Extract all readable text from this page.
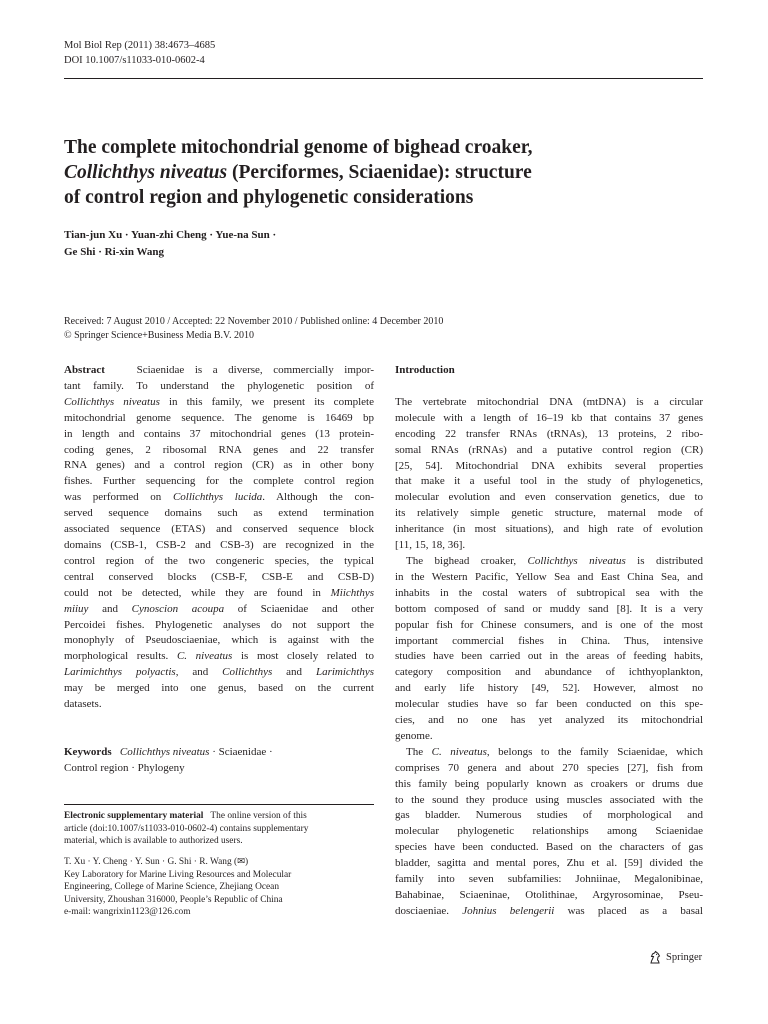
Mol Biol Rep (2011) 38:4673–4685
DOI 10.1007/s11033-010-0602-4
The complete mitochondrial genome of bighead croaker,
Collichthys niveatus (Perciformes, Sciaenidae): structure
of control region and phylogenetic considerations
Tian-jun Xu · Yuan-zhi Cheng · Yue-na Sun ·
Ge Shi · Ri-xin Wang
Received: 7 August 2010 / Accepted: 22 November 2010 / Published online: 4 December 2010
© Springer Science+Business Media B.V. 2010
Abstract	Sciaenidae is a diverse, commercially impor-
tant family. To understand the phylogenetic position of
Collichthys niveatus in this family, we present its complete
mitochondrial genome sequence. The genome is 16469 bp
in length and contains 37 mitochondrial genes (13 protein-
coding genes, 2 ribosomal RNA genes and 22 transfer
RNA genes) and a control region (CR) as in other bony
fishes. Further sequencing for the complete control region
was performed on Collichthys lucida. Although the con-
served sequence domains such as extend termination
associated sequence (ETAS) and conserved sequence block
domains (CSB-1, CSB-2 and CSB-3) are recognized in the
control region of the two congeneric species, the typical
central conserved blocks (CSB-F, CSB-E and CSB-D)
could not be detected, while they are found in Miichthys
miiuy and Cynoscion acoupa of Sciaenidae and other
Percoidei fishes. Phylogenetic analyses do not support the
monophyly of Pseudosciaeniae, which is against with the
morphological results. C. niveatus is most closely related to
Larimichthys polyactis, and Collichthys and Larimichthys
may be merged into one genus, based on the current
datasets.
Keywords Collichthys niveatus · Sciaenidae ·
Control region · Phylogeny
Electronic supplementary material The online version of this
article (doi:10.1007/s11033-010-0602-4) contains supplementary
material, which is available to authorized users.
T. Xu · Y. Cheng · Y. Sun · G. Shi · R. Wang (✉)
Key Laboratory for Marine Living Resources and Molecular
Engineering, College of Marine Science, Zhejiang Ocean
University, Zhoushan 316000, People’s Republic of China
e-mail: wangrixin1123@126.com
Introduction
The vertebrate mitochondrial DNA (mtDNA) is a circular
molecule with a length of 16–19 kb that contains 37 genes
encoding 22 transfer RNAs (tRNAs), 13 proteins, 2 ribo-
somal RNAs (rRNAs) and a putative control region (CR)
[25, 54]. Mitochondrial DNA exhibits several properties
that make it a useful tool in the study of phylogenetics,
molecular evolution and even conservation genetics, due to
its relatively simple genetic structure, maternal mode of
inheritance (in most situations), and high rate of evolution
[11, 15, 18, 36].
The bighead croaker, Collichthys niveatus is distributed
in the Western Pacific, Yellow Sea and East China Sea, and
inhabits in the costal waters of subtropical sea with the
bottom composed of sand or muddy sand [8]. It is a very
popular fish for Chinese consumers, and is one of the most
important commercial fishes in China. Thus, intensive
studies have been carried out in the areas of feeding habits,
category composition and abundance of ichthyoplankton,
and early life history [49, 52]. However, almost no
molecular studies have so far been conducted on this spe-
cies, and no one has yet analyzed its mitochondrial
genome.
The C. niveatus, belongs to the family Sciaenidae, which
comprises 70 genera and about 270 species [27], fish from
this family being popularly known as croakers or drums due
to the sound they produce using muscles associated with the
gas bladder. Numerous studies of morphological and
molecular phylogenetic relationships among Sciaenidae
species have been conducted. Based on the characters of gas
bladder, sagitta and mental pores, Zhu et al. [59] divided the
family into seven subfamilies: Johniinae, Megalonibinae,
Bahabinae, Sciaeninae, Otolithinae, Argyrosominae, Pseu-
dosciaeniae. Johnius belengerii was placed as a basal
Springer
